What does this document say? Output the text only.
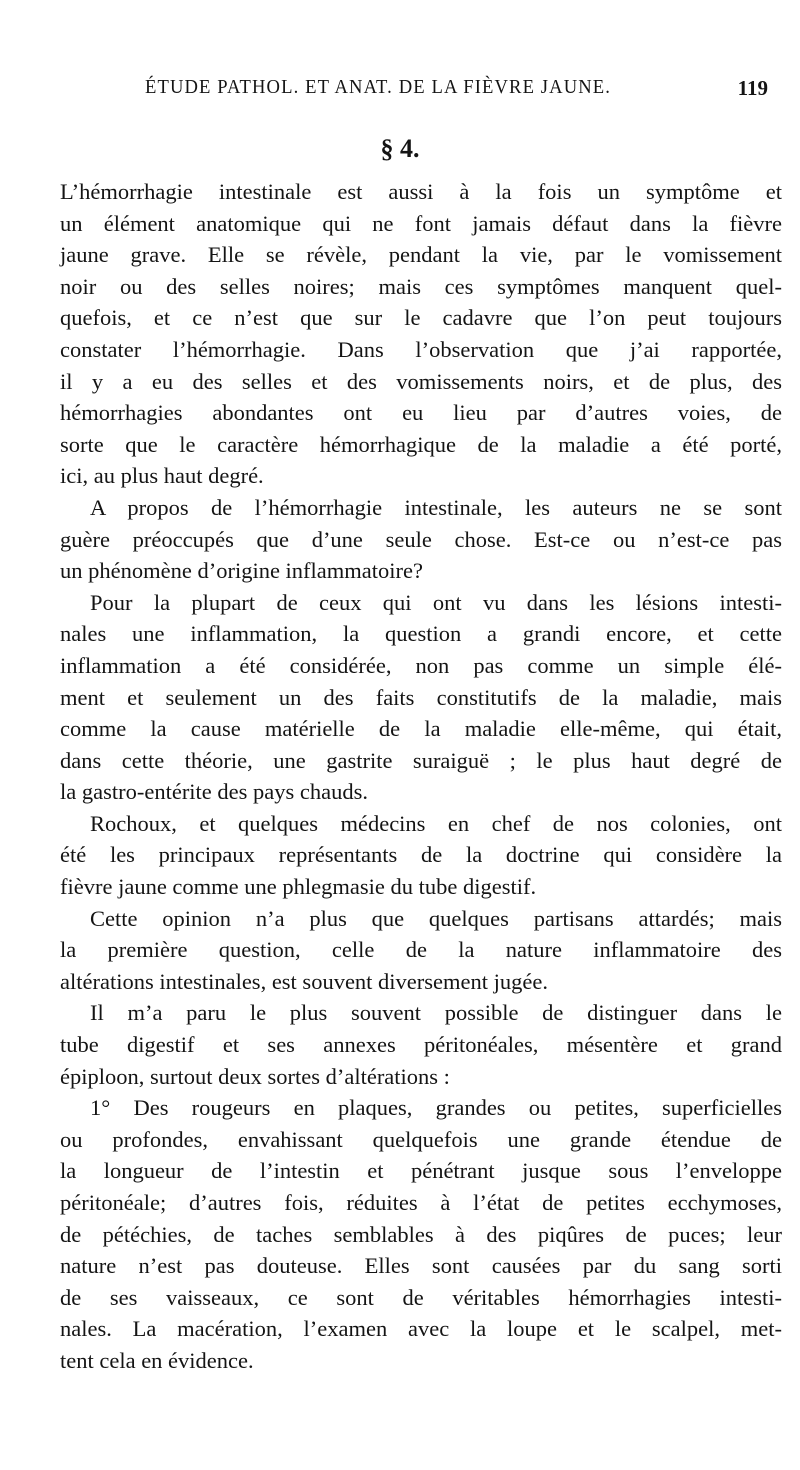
ÉTUDE PATHOL. ET ANAT. DE LA FIÈVRE JAUNE.	119
§ 4.
L’hémorrhagie intestinale est aussi à la fois un symptôme et
un élément anatomique qui ne font jamais défaut dans la fièvre
jaune grave. Elle se révèle, pendant la vie, par le vomissement
noir ou des selles noires; mais ces symptômes manquent quel-
quefois, et ce n’est que sur le cadavre que l’on peut toujours
constater l’hémorrhagie. Dans l’observation que j’ai rapportée,
il y a eu des selles et des vomissements noirs, et de plus, des
hémorrhagies abondantes ont eu lieu par d’autres voies, de
sorte que le caractère hémorrhagique de la maladie a été porté,
ici, au plus haut degré.
A propos de l’hémorrhagie intestinale, les auteurs ne se sont
guère préoccupés que d’une seule chose. Est-ce ou n’est-ce pas
un phénomène d’origine inflammatoire?
Pour la plupart de ceux qui ont vu dans les lésions intesti-
nales une inflammation, la question a grandi encore, et cette
inflammation a été considérée, non pas comme un simple élé-
ment et seulement un des faits constitutifs de la maladie, mais
comme la cause matérielle de la maladie elle-même, qui était,
dans cette théorie, une gastrite suraiguë ; le plus haut degré de
la gastro-entérite des pays chauds.
Rochoux, et quelques médecins en chef de nos colonies, ont
été les principaux représentants de la doctrine qui considère la
fièvre jaune comme une phlegmasie du tube digestif.
Cette opinion n’a plus que quelques partisans attardés; mais
la première question, celle de la nature inflammatoire des
altérations intestinales, est souvent diversement jugée.
Il m’a paru le plus souvent possible de distinguer dans le
tube digestif et ses annexes péritonéales, mésentère et grand
épiploon, surtout deux sortes d’altérations :
1° Des rougeurs en plaques, grandes ou petites, superficielles
ou profondes, envahissant quelquefois une grande étendue de
la longueur de l’intestin et pénétrant jusque sous l’enveloppe
péritonéale; d’autres fois, réduites à l’état de petites ecchymoses,
de pétéchies, de taches semblables à des piqûres de puces; leur
nature n’est pas douteuse. Elles sont causées par du sang sorti
de ses vaisseaux, ce sont de véritables hémorrhagies intesti-
nales. La macération, l’examen avec la loupe et le scalpel, met-
tent cela en évidence.
